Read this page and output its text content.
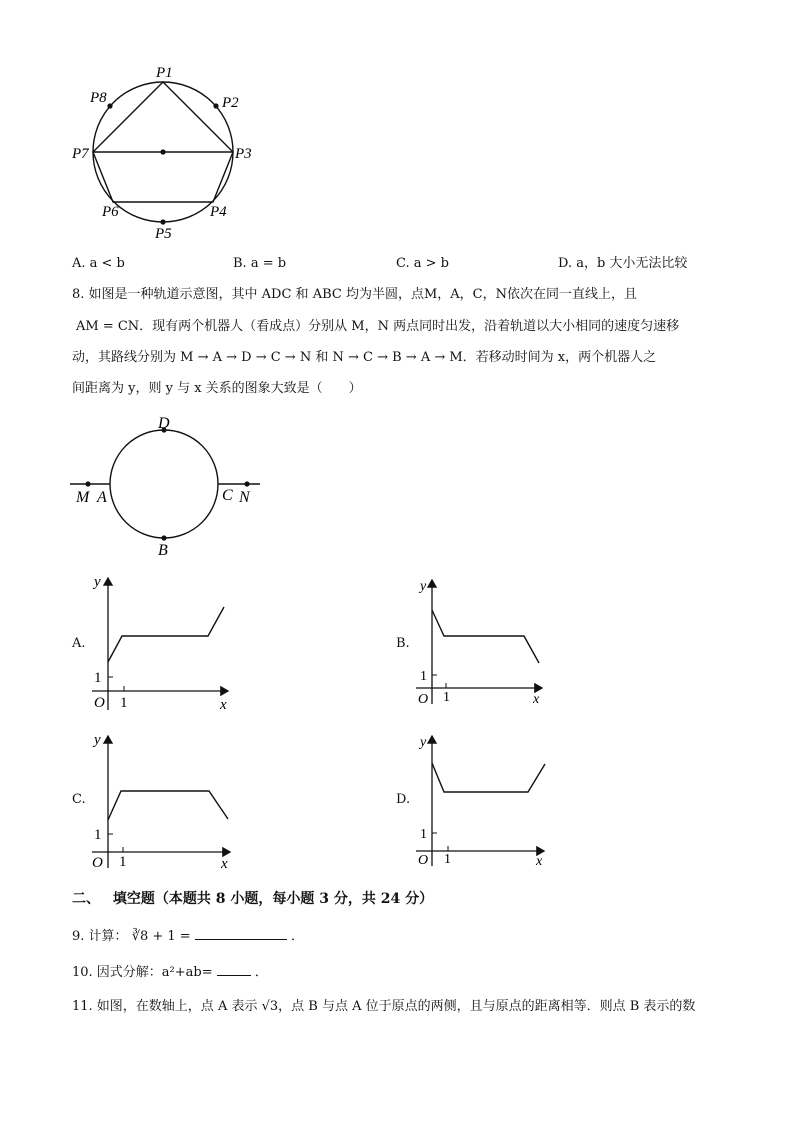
P1
P2
P3
P4
P5
P6
P7
P8
A. a < b	B. a = b	C. a > b	D. a，b 大小无法比较
8. 如图是一种轨道示意图，其中 ADC 和 ABC 均为半圆，点M，A，C，N依次在同一直线上，且
AM = CN．现有两个机器人（看成点）分别从 M，N 两点同时出发，沿着轨道以大小相同的速度匀速移
动，其路线分别为 M → A → D → C → N 和 N → C → B → A → M．若移动时间为 x，两个机器人之
间距离为 y，则 y 与 x 关系的图象大致是（　　）
D
B
M A	C N
A.
y
1
O 1	x
B.
y
1
O 1	x
C.
y
1
O 1	x
D.
y
1
O 1	x
二、 填空题（本题共 8 小题，每小题 3 分，共 24 分）
9. 计算： ∛8 + 1 =	．
10. 因式分解：a²+ab=	．
11. 如图，在数轴上，点 A 表示 √3，点 B 与点 A 位于原点的两侧，且与原点的距离相等．则点 B 表示的数
